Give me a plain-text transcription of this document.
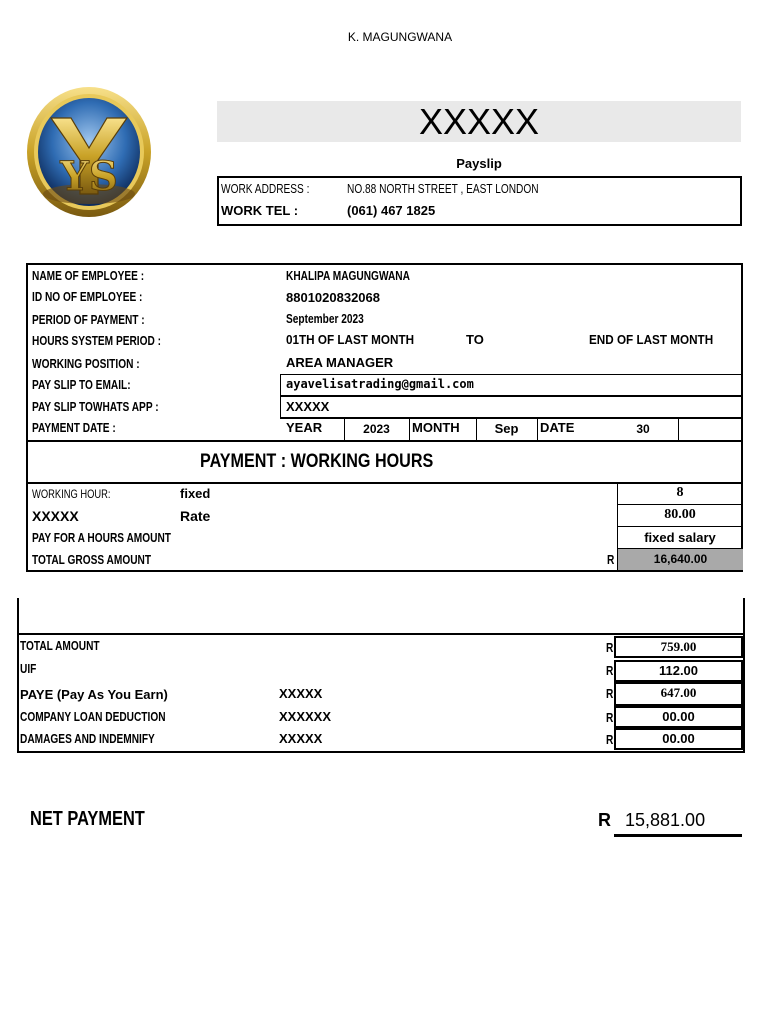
K. MAGUNGWANA
YS
XXXXX
Payslip
WORK ADDRESS :	NO.88 NORTH STREET , EAST LONDON
WORK TEL :	(061) 467 1825
NAME OF EMPLOYEE :	KHALIPA MAGUNGWANA
ID NO OF EMPLOYEE :	8801020832068
PERIOD OF PAYMENT :	September 2023
HOURS SYSTEM PERIOD :	01TH OF LAST MONTH	TO	END OF LAST MONTH
WORKING POSITION :	AREA MANAGER
PAY SLIP TO EMAIL:	ayavelisatrading@gmail.com
PAY SLIP TOWHATS APP :	XXXXX
PAYMENT DATE :	YEAR	2023	MONTH	Sep	DATE	30
PAYMENT : WORKING HOURS
WORKING HOUR:	fixed	8
XXXXX	Rate	80.00
PAY FOR A HOURS AMOUNT	fixed salary
TOTAL GROSS AMOUNT	R	16,640.00
TOTAL AMOUNT	R	759.00
UIF	R	112.00
PAYE (Pay As You Earn)	XXXXX	R	647.00
COMPANY LOAN DEDUCTION	XXXXXX	R	00.00
DAMAGES AND INDEMNIFY	XXXXX	R	00.00
NET PAYMENT	R 15,881.00
